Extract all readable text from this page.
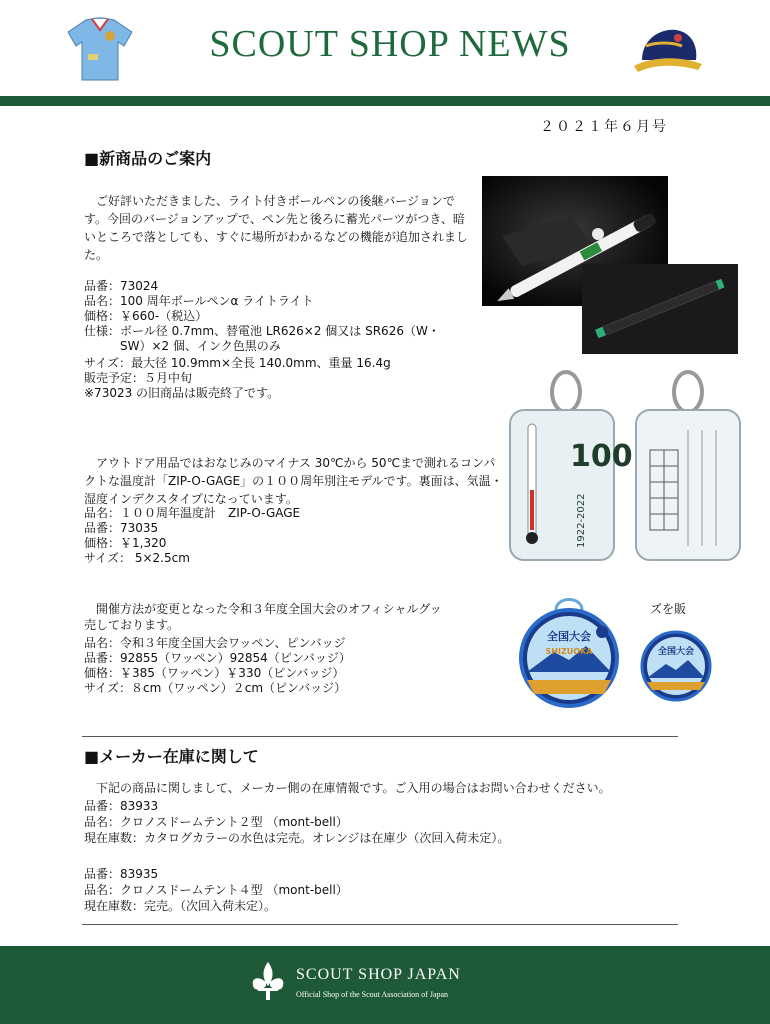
SCOUT SHOP NEWS
２０２１年６月号
■新商品のご案内
ご好評いただきました、ライト付きボールペンの後継バージョンです。今回のバージョンアップで、ペン先と後ろに蓄光パーツがつき、暗いところで落としても、すぐに場所がわかるなどの機能が追加されました。
品番：73024
品名：100 周年ボールペンα ライトライト
価格：￥660-（税込）
仕様：ボール径 0.7mm、替電池 LR626×2 個又は SR626（W・
SW）×2 個、インク色黒のみ
サイズ：最大径 10.9mm×全長 140.0mm、重量 16.4g
販売予定：５月中旬
※73023 の旧商品は販売終了です。
100
1922-2022
アウトドア用品ではおなじみのマイナス 30℃から 50℃まで測れるコンパクトな温度計「ZIP-O-GAGE」の１００周年別注モデルです。裏面は、気温・湿度インデクスタイプになっています。
品名：１００周年温度計　ZIP-O-GAGE
品番：73035
価格：￥1,320
サイズ： 5×2.5cm
開催方法が変更となった令和３年度全国大会のオフィシャルグッ	ズを販
売しております。
品名：令和３年度全国大会ワッペン、ピンバッジ
品番：92855（ワッペン）92854（ピンバッジ）
価格：￥385（ワッペン）￥330（ピンバッジ）
サイズ：８cm（ワッペン）２cm（ピンバッジ）
全国大会
SHIZUOKA	全国大会
■メーカー在庫に関して
下記の商品に関しまして、メーカー側の在庫情報です。ご入用の場合はお問い合わせください。
品番：83933
品名：クロノスドームテント２型 （mont-bell）
現在庫数：カタログカラーの水色は完売。オレンジは在庫少（次回入荷未定）。
品番：83935
品名：クロノスドームテント４型 （mont-bell）
現在庫数：完売。（次回入荷未定）。
SCOUT SHOP JAPAN
Official Shop of the Scout Association of Japan
